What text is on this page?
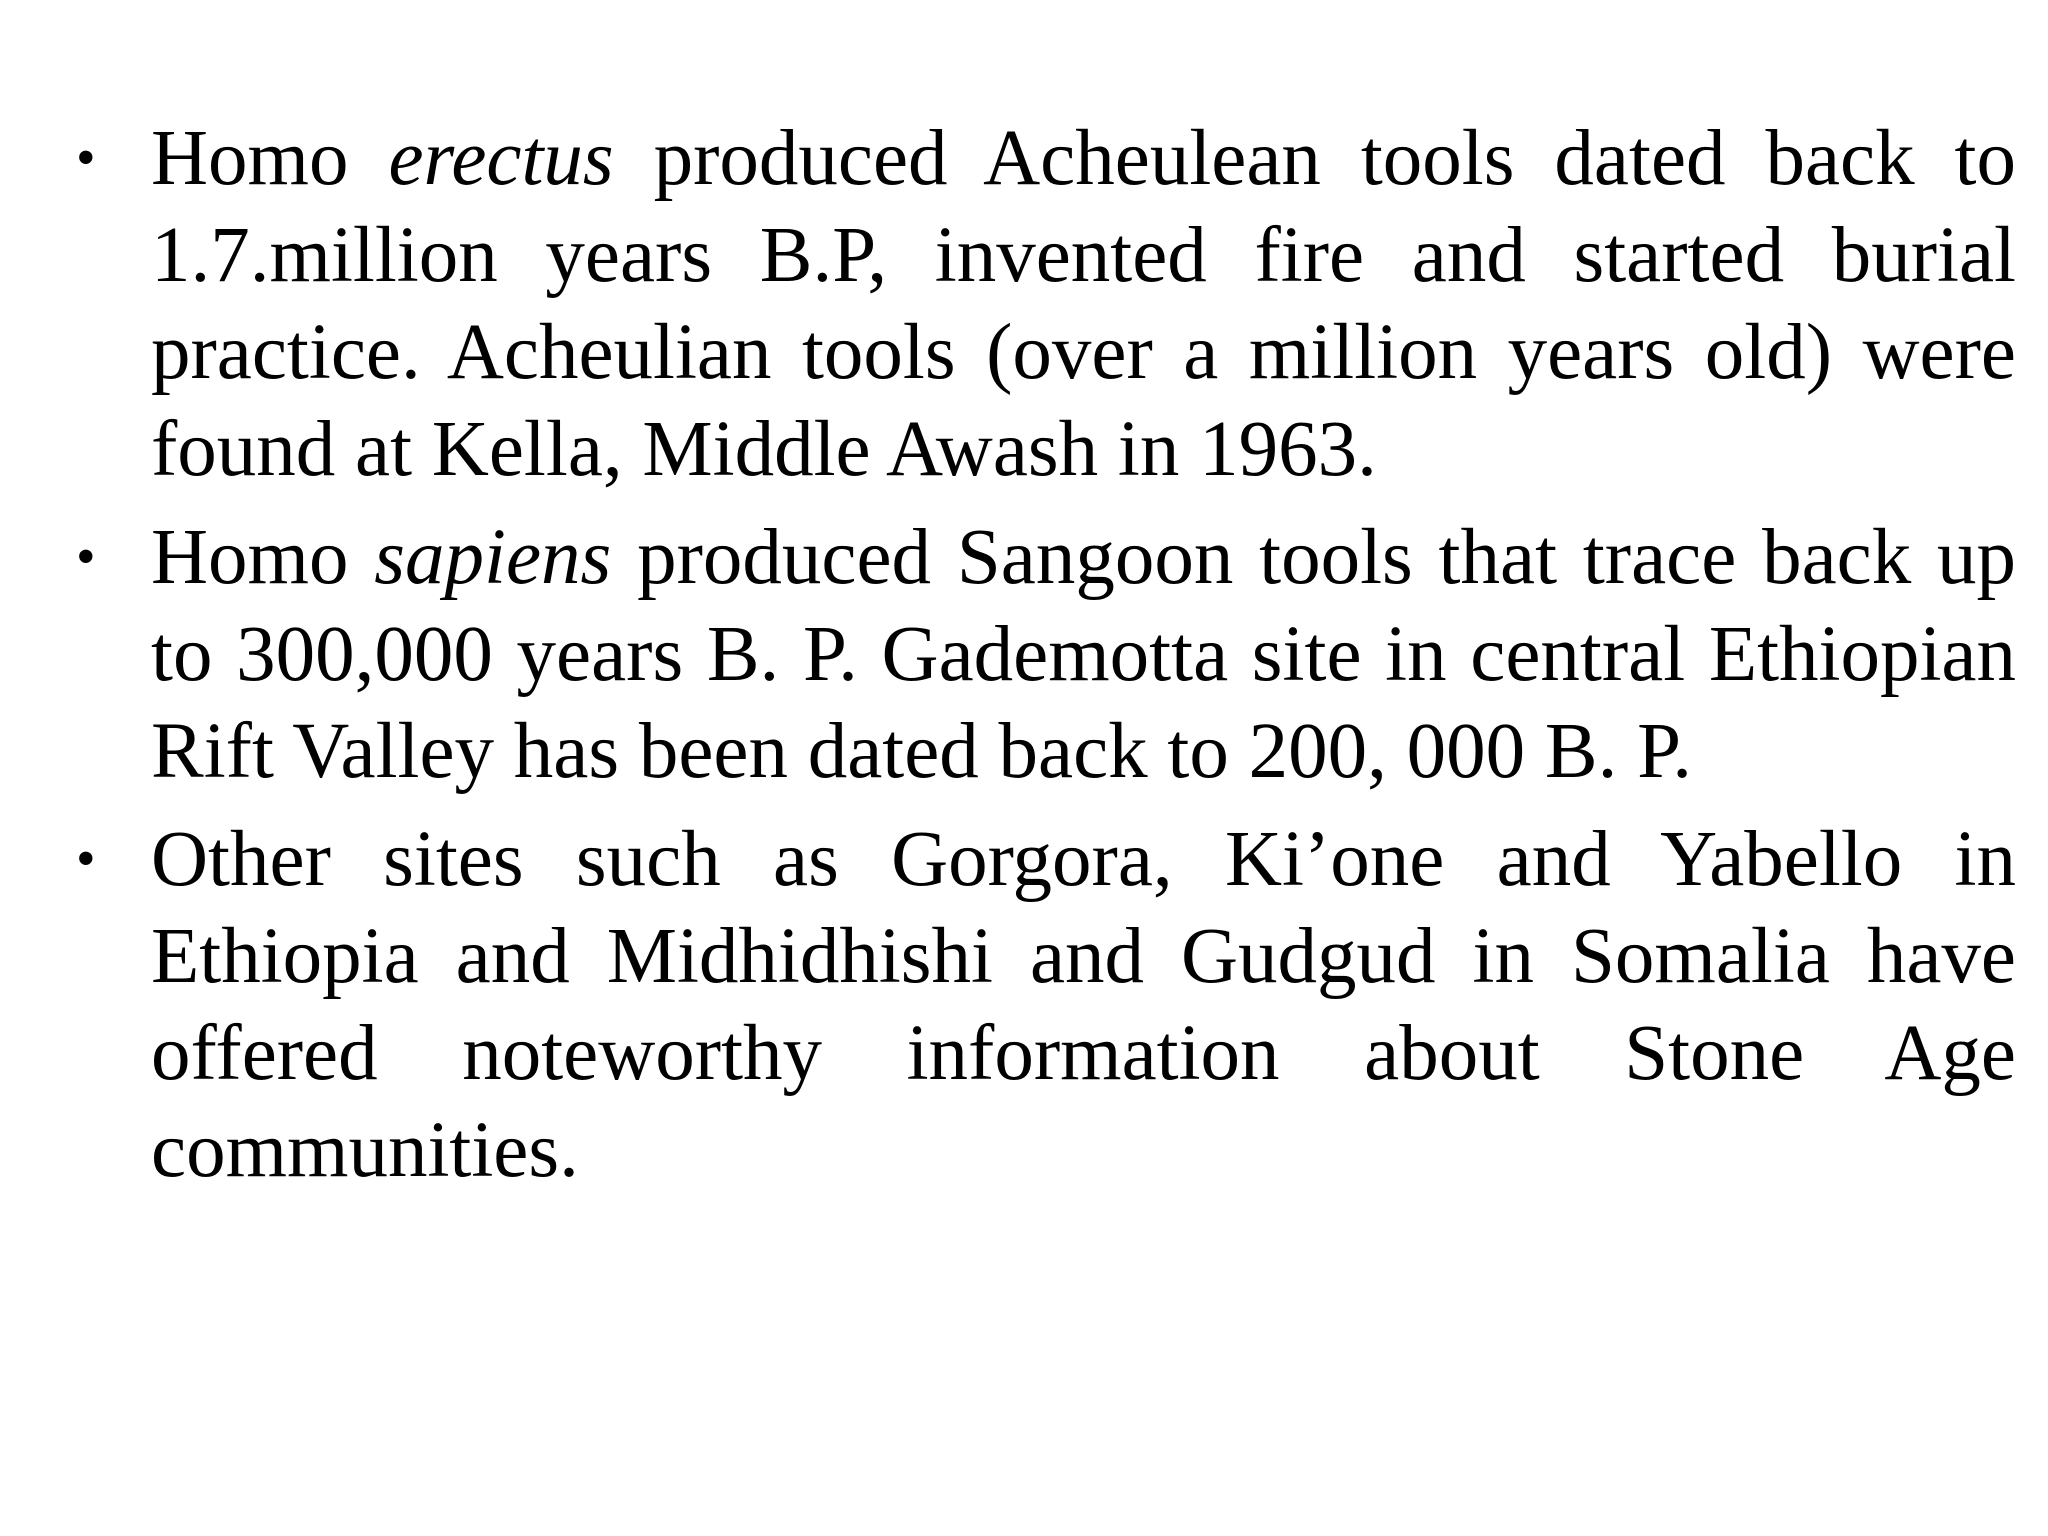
• Homo erectus produced Acheulean tools dated back to 1.7.million years B.P, invented fire and started burial practice. Acheulian tools (over a million years old) were found at Kella, Middle Awash in 1963.
• Homo sapiens produced Sangoon tools that trace back up to 300,000 years B. P. Gademotta site in central Ethiopian Rift Valley has been dated back to 200, 000 B. P.
• Other sites such as Gorgora, Ki’one and Yabello in Ethiopia and Midhidhishi and Gudgud in Somalia have offered noteworthy information about Stone Age communities.
